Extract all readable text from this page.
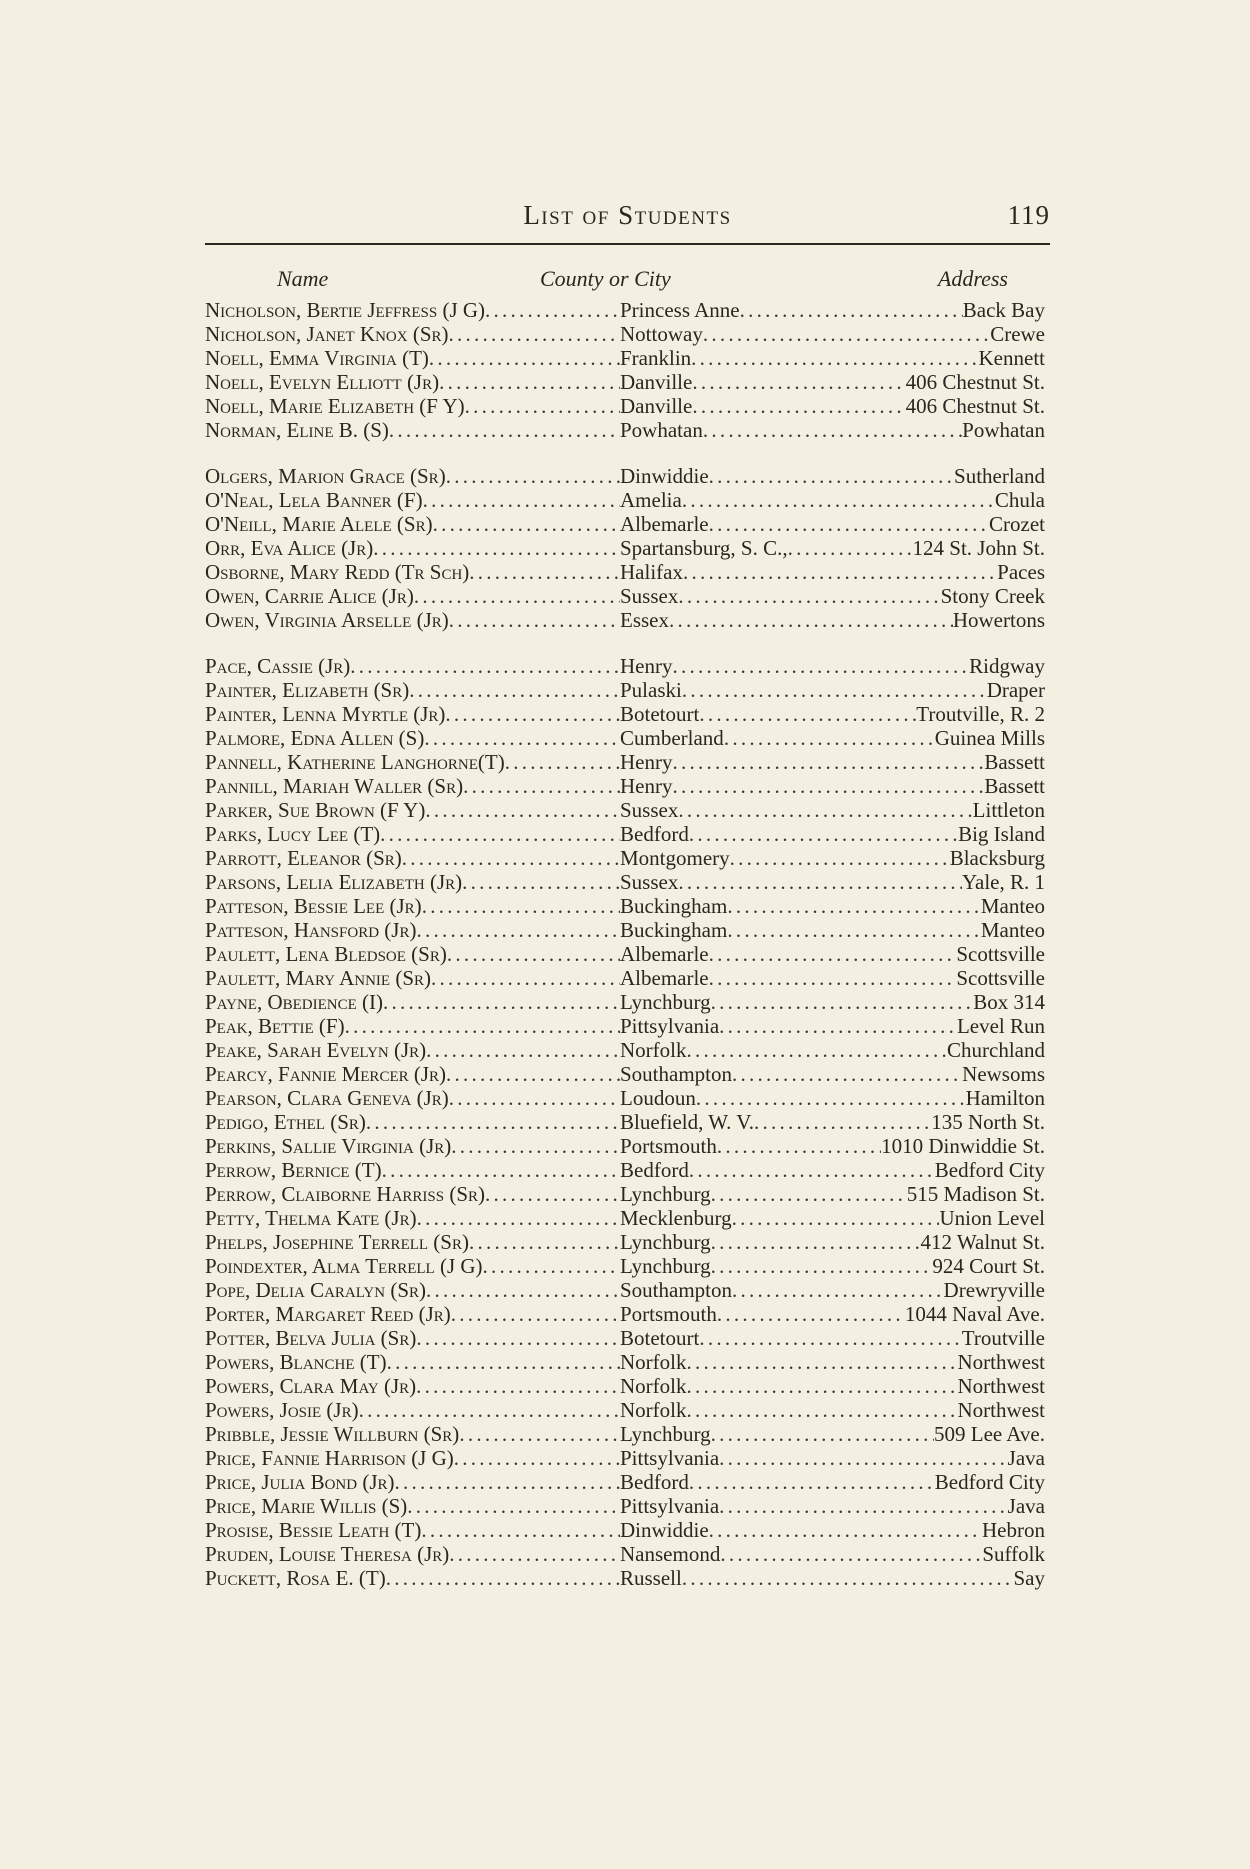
List of Students	119
Name	County or City	Address
Nicholson, Bertie Jeffress (J G) . . .	Princess Anne . . .	Back Bay
Nicholson, Janet Knox (Sr) . . .	Nottoway . . .	Crewe
Noell, Emma Virginia (T) . . .	Franklin . . .	Kennett
Noell, Evelyn Elliott (Jr) . . .	Danville . . .	406 Chestnut St.
Noell, Marie Elizabeth (F Y) . . .	Danville . . .	406 Chestnut St.
Norman, Eline B. (S) . . .	Powhatan . . .	Powhatan
Olgers, Marion Grace (Sr) . . .	Dinwiddie . . .	Sutherland
O'Neal, Lela Banner (F) . . .	Amelia . . .	Chula
O'Neill, Marie Alele (Sr) . . .	Albemarle . . .	Crozet
Orr, Eva Alice (Jr) . . .	Spartansburg, S. C., . . .	124 St. John St.
Osborne, Mary Redd (Tr Sch) . . .	Halifax . . .	Paces
Owen, Carrie Alice (Jr) . . .	Sussex . . .	Stony Creek
Owen, Virginia Arselle (Jr) . . .	Essex . . .	Howertons
Pace, Cassie (Jr) . . .	Henry . . .	Ridgway
Painter, Elizabeth (Sr) . . .	Pulaski . . .	Draper
Painter, Lenna Myrtle (Jr) . . .	Botetourt . . .	Troutville, R. 2
Palmore, Edna Allen (S) . . .	Cumberland . . .	Guinea Mills
Pannell, Katherine Langhorne(T) . . .	Henry . . .	Bassett
Pannill, Mariah Waller (Sr) . . .	Henry . . .	Bassett
Parker, Sue Brown (F Y) . . .	Sussex . . .	Littleton
Parks, Lucy Lee (T) . . .	Bedford . . .	Big Island
Parrott, Eleanor (Sr) . . .	Montgomery . . .	Blacksburg
Parsons, Lelia Elizabeth (Jr) . . .	Sussex . . .	Yale, R. 1
Patteson, Bessie Lee (Jr) . . .	Buckingham . . .	Manteo
Patteson, Hansford (Jr) . . .	Buckingham . . .	Manteo
Paulett, Lena Bledsoe (Sr) . . .	Albemarle . . .	Scottsville
Paulett, Mary Annie (Sr) . . .	Albemarle . . .	Scottsville
Payne, Obedience (I) . . .	Lynchburg . . .	Box 314
Peak, Bettie (F) . . .	Pittsylvania . . .	Level Run
Peake, Sarah Evelyn (Jr) . . .	Norfolk . . .	Churchland
Pearcy, Fannie Mercer (Jr) . . .	Southampton . . .	Newsoms
Pearson, Clara Geneva (Jr) . . .	Loudoun . . .	Hamilton
Pedigo, Ethel (Sr) . . .	Bluefield, W. V. . . .	135 North St.
Perkins, Sallie Virginia (Jr) . . .	Portsmouth . . .	1010 Dinwiddie St.
Perrow, Bernice (T) . . .	Bedford . . .	Bedford City
Perrow, Claiborne Harriss (Sr) . . .	Lynchburg . . .	515 Madison St.
Petty, Thelma Kate (Jr) . . .	Mecklenburg . . .	Union Level
Phelps, Josephine Terrell (Sr) . . .	Lynchburg . . .	412 Walnut St.
Poindexter, Alma Terrell (J G) . . .	Lynchburg . . .	924 Court St.
Pope, Delia Caralyn (Sr) . . .	Southampton . . .	Drewryville
Porter, Margaret Reed (Jr) . . .	Portsmouth . . .	1044 Naval Ave.
Potter, Belva Julia (Sr) . . .	Botetourt . . .	Troutville
Powers, Blanche (T) . . .	Norfolk . . .	Northwest
Powers, Clara May (Jr) . . .	Norfolk . . .	Northwest
Powers, Josie (Jr) . . .	Norfolk . . .	Northwest
Pribble, Jessie Willburn (Sr) . . .	Lynchburg . . .	509 Lee Ave.
Price, Fannie Harrison (J G) . . .	Pittsylvania . . .	Java
Price, Julia Bond (Jr) . . .	Bedford . . .	Bedford City
Price, Marie Willis (S) . . .	Pittsylvania . . .	Java
Prosise, Bessie Leath (T) . . .	Dinwiddie . . .	Hebron
Pruden, Louise Theresa (Jr) . . .	Nansemond . . .	Suffolk
Puckett, Rosa E. (T) . . .	Russell . . .	Say
